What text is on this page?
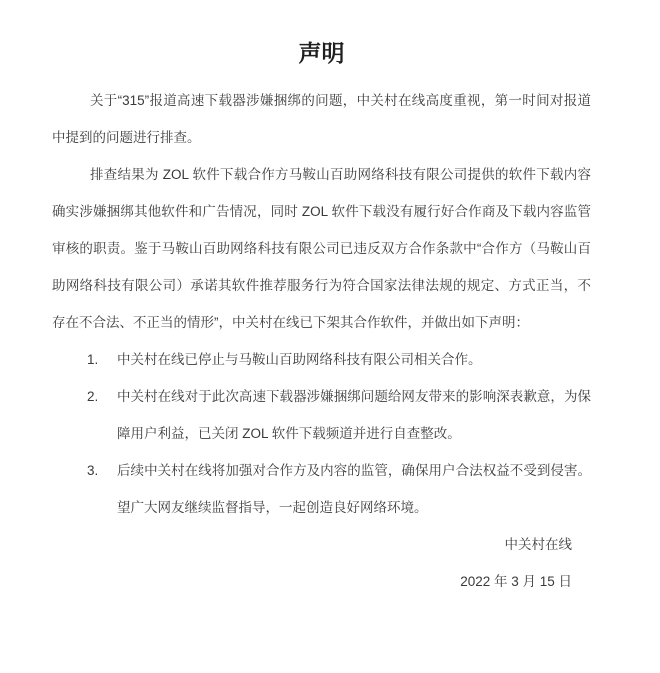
声明

关于“315”报道高速下载器涉嫌捆绑的问题，中关村在线高度重视，第一时间对报道中提到的问题进行排查。

排查结果为 ZOL 软件下载合作方马鞍山百助网络科技有限公司提供的软件下载内容确实涉嫌捆绑其他软件和广告情况，同时 ZOL 软件下载没有履行好合作商及下载内容监管审核的职责。鉴于马鞍山百助网络科技有限公司已违反双方合作条款中“合作方（马鞍山百助网络科技有限公司）承诺其软件推荐服务行为符合国家法律法规的规定、方式正当，不存在不合法、不正当的情形”，中关村在线已下架其合作软件，并做出如下声明：

1.	中关村在线已停止与马鞍山百助网络科技有限公司相关合作。
2.	中关村在线对于此次高速下载器涉嫌捆绑问题给网友带来的影响深表歉意，为保障用户利益，已关闭 ZOL 软件下载频道并进行自查整改。
3.	后续中关村在线将加强对合作方及内容的监管，确保用户合法权益不受到侵害。望广大网友继续监督指导，一起创造良好网络环境。
中关村在线
2022 年 3 月 15 日
